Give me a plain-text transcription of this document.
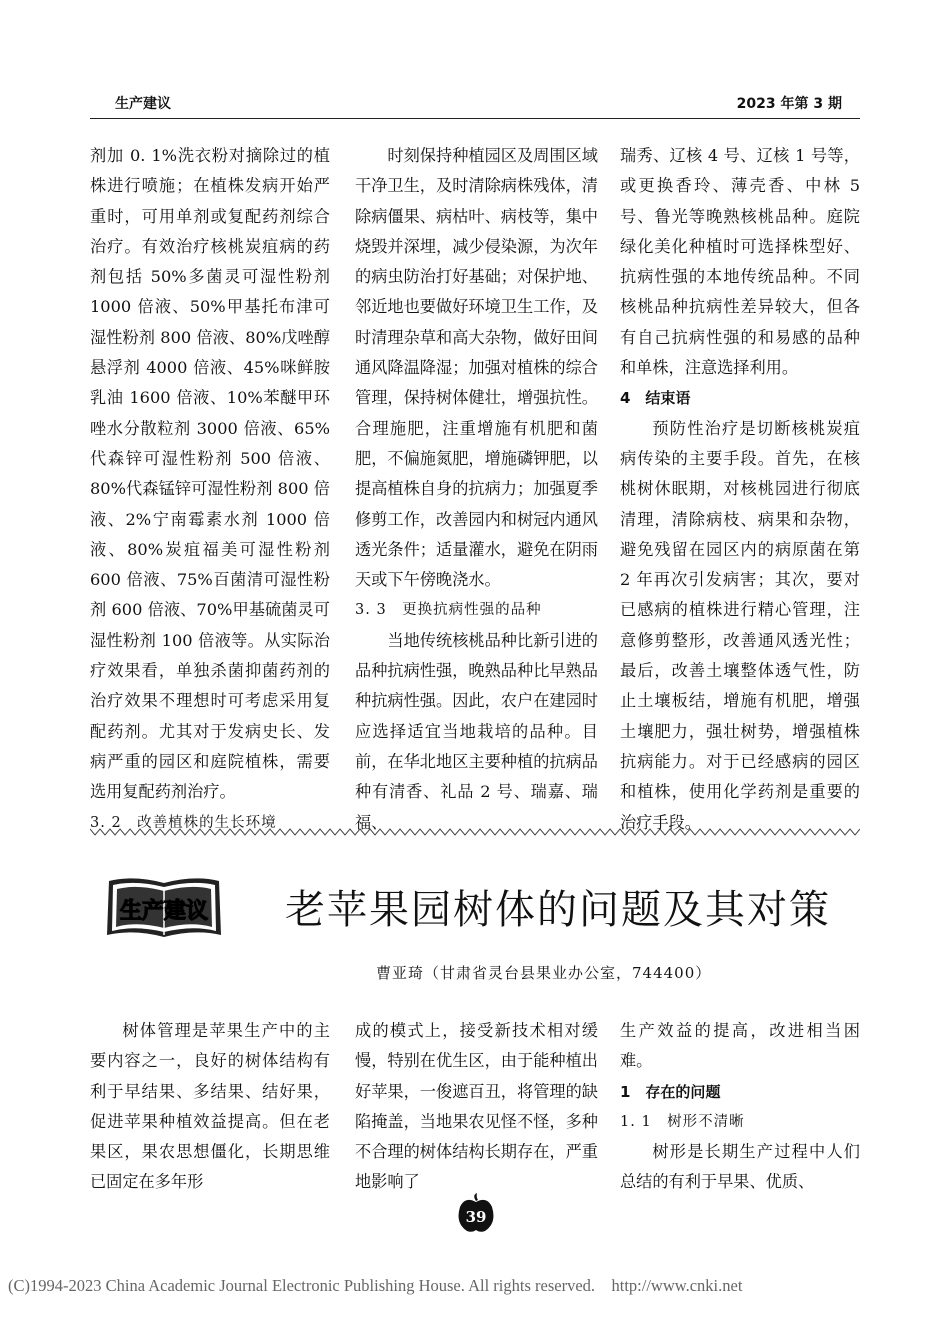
生产建议	2023 年第 3 期

剂加 0. 1%洗衣粉对摘除过的植株进行喷施；在植株发病开始严重时，可用单剂或复配药剂综合治疗。有效治疗核桃炭疽病的药剂包括 50%多菌灵可湿性粉剂 1000 倍液、50%甲基托布津可湿性粉剂 800 倍液、80%戊唑醇悬浮剂 4000 倍液、45%咪鲜胺乳油 1600 倍液、10%苯醚甲环唑水分散粒剂 3000 倍液、65%代森锌可湿性粉剂 500 倍液、80%代森锰锌可湿性粉剂 800 倍液、2%宁南霉素水剂 1000 倍液、80%炭疽福美可湿性粉剂 600 倍液、75%百菌清可湿性粉剂 600 倍液、70%甲基硫菌灵可湿性粉剂 100 倍液等。从实际治疗效果看，单独杀菌抑菌药剂的治疗效果不理想时可考虑采用复配药剂。尤其对于发病史长、发病严重的园区和庭院植株，需要选用复配药剂治疗。

3. 2　改善植株的生长环境

时刻保持种植园区及周围区域干净卫生，及时清除病株残体，清除病僵果、病枯叶、病枝等，集中烧毁并深埋，减少侵染源，为次年的病虫防治打好基础；对保护地、邻近地也要做好环境卫生工作，及时清理杂草和高大杂物，做好田间通风降温降湿；加强对植株的综合管理，保持树体健壮，增强抗性。合理施肥，注重增施有机肥和菌肥，不偏施氮肥，增施磷钾肥，以提高植株自身的抗病力；加强夏季修剪工作，改善园内和树冠内通风透光条件；适量灌水，避免在阴雨天或下午傍晚浇水。

3. 3　更换抗病性强的品种

当地传统核桃品种比新引进的品种抗病性强，晚熟品种比早熟品种抗病性强。因此，农户在建园时应选择适宜当地栽培的品种。目前，在华北地区主要种植的抗病品种有清香、礼品 2 号、瑞嘉、瑞福、

瑞秀、辽核 4 号、辽核 1 号等，或更换香玲、薄壳香、中林 5 号、鲁光等晚熟核桃品种。庭院绿化美化种植时可选择株型好、抗病性强的本地传统品种。不同核桃品种抗病性差异较大，但各有自己抗病性强的和易感的品种和单株，注意选择利用。

4　结束语

预防性治疗是切断核桃炭疽病传染的主要手段。首先，在核桃树休眠期，对核桃园进行彻底清理，清除病枝、病果和杂物，避免残留在园区内的病原菌在第 2 年再次引发病害；其次，要对已感病的植株进行精心管理，注意修剪整形，改善通风透光性；最后，改善土壤整体透气性，防止土壤板结，增施有机肥，增强土壤肥力，强壮树势，增强植株抗病能力。对于已经感病的园区和植株，使用化学药剂是重要的治疗手段。

生产建议 老苹果园树体的问题及其对策
曹亚琦（甘肃省灵台县果业办公室，744400）

树体管理是苹果生产中的主要内容之一，良好的树体结构有利于早结果、多结果、结好果，促进苹果种植效益提高。但在老果区，果农思想僵化，长期思维已固定在多年形

成的模式上，接受新技术相对缓慢，特别在优生区，由于能种植出好苹果，一俊遮百丑，将管理的缺陷掩盖，当地果农见怪不怪，多种不合理的树体结构长期存在，严重地影响了

生产效益的提高，改进相当困难。

1　存在的问题

1. 1　树形不清晰

树形是长期生产过程中人们总结的有利于早果、优质、

39
(C)1994-2023 China Academic Journal Electronic Publishing House. All rights reserved.　http://www.cnki.net
